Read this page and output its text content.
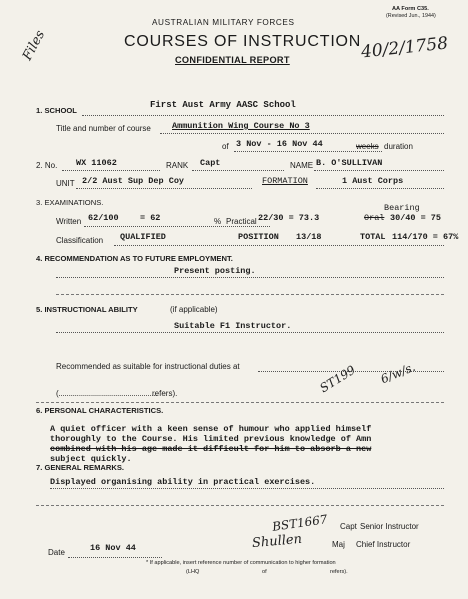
AA Form C35.
(Revised Jun., 1944)
AUSTRALIAN MILITARY FORCES
COURSES OF INSTRUCTION
CONFIDENTIAL REPORT
Files	40/2/1758
1. SCHOOL
First Aust Army AASC School
Title and number of course Ammunition Wing Course No 3
of 3 Nov - 16 Nov 44	weeks duration
2. No. WX 11062	RANK Capt	NAME B. O'SULLIVAN
UNIT 2/2 Aust Sup Dep Coy	FORMATION	1 Aust Corps
3. EXAMINATIONS.
Bearing
Written 62/100	= 62	% Practical 22/30 = 73.3	Oral 30/40 = 75
Classification QUALIFIED	POSITION 13/18	TOTAL 114/170 = 67%
4. RECOMMENDATION AS TO FUTURE EMPLOYMENT.
Present posting.
5. INSTRUCTIONAL ABILITY	(if applicable)
Suitable F1 Instructor.
Recommended as suitable for instructional duties at	ST199 6/w/s.
(.................................................
refers).
6. PERSONAL CHARACTERISTICS.
A quiet officer with a keen sense of humour who applied himself
thoroughly to the Course. His limited previous knowledge of Amn
combined with his age made it difficult for him to absorb a new
subject quickly.
7. GENERAL REMARKS.
Displayed organising ability in practical exercises.
BST1667 Capt Senior Instructor
Shullen	Maj Chief Instructor
Date	16 Nov 44
* If applicable, insert reference number of communication to higher formation
(LHQ	of	refers).
